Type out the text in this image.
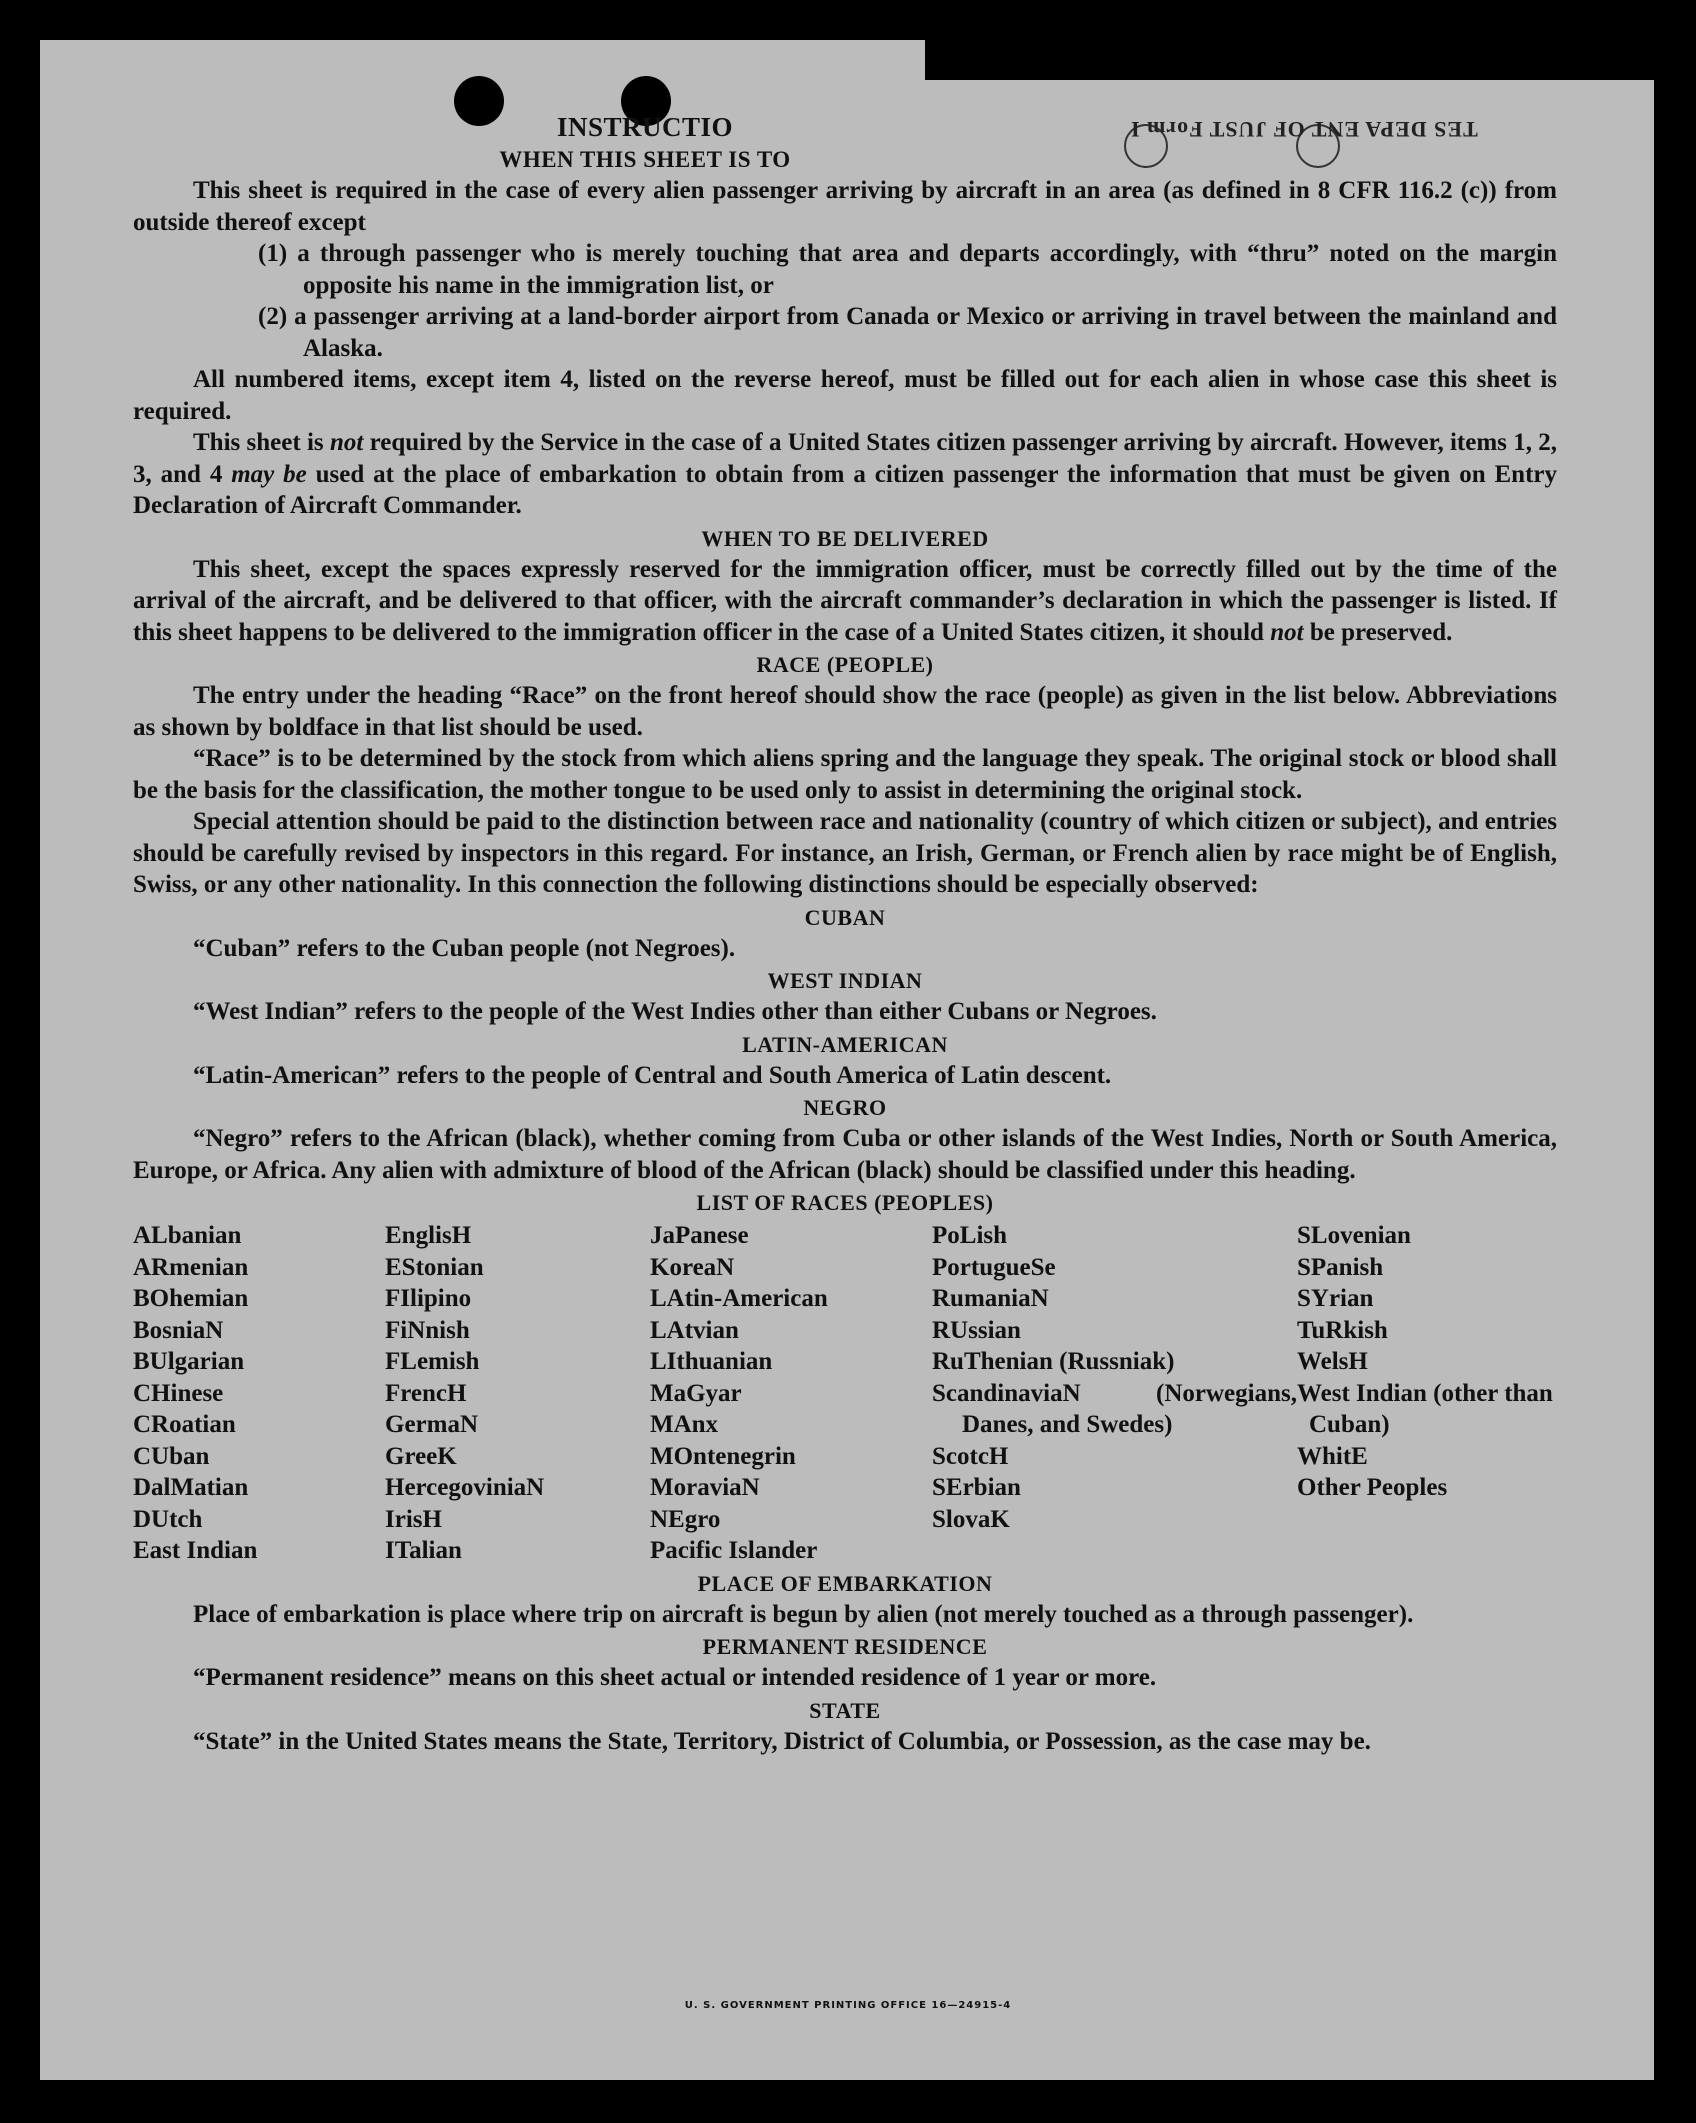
TES DEPA ENT OF JUST Form I
INSTRUCTIO
WHEN THIS SHEET IS TO

This sheet is required in the case of every alien passenger arriving by aircraft in an area (as defined in 8 CFR 116.2 (c)) from outside thereof except

(1) a through passenger who is merely touching that area and departs accordingly, with “thru” noted on the margin opposite his name in the immigration list, or

(2) a passenger arriving at a land-border airport from Canada or Mexico or arriving in travel between the mainland and Alaska.

All numbered items, except item 4, listed on the reverse hereof, must be filled out for each alien in whose case this sheet is required.

This sheet is not required by the Service in the case of a United States citizen passenger arriving by aircraft. However, items 1, 2, 3, and 4 may be used at the place of embarkation to obtain from a citizen passenger the information that must be given on Entry Declaration of Aircraft Commander.

WHEN TO BE DELIVERED

This sheet, except the spaces expressly reserved for the immigration officer, must be correctly filled out by the time of the arrival of the aircraft, and be delivered to that officer, with the aircraft commander’s declaration in which the passenger is listed. If this sheet happens to be delivered to the immigration officer in the case of a United States citizen, it should not be preserved.

RACE (PEOPLE)

The entry under the heading “Race” on the front hereof should show the race (people) as given in the list below. Abbreviations as shown by boldface in that list should be used.

“Race” is to be determined by the stock from which aliens spring and the language they speak. The original stock or blood shall be the basis for the classification, the mother tongue to be used only to assist in determining the original stock.

Special attention should be paid to the distinction between race and nationality (country of which citizen or subject), and entries should be carefully revised by inspectors in this regard. For instance, an Irish, German, or French alien by race might be of English, Swiss, or any other nationality. In this connection the following distinctions should be especially observed:

CUBAN

“Cuban” refers to the Cuban people (not Negroes).

WEST INDIAN

“West Indian” refers to the people of the West Indies other than either Cubans or Negroes.

LATIN-AMERICAN

“Latin-American” refers to the people of Central and South America of Latin descent.

NEGRO

“Negro” refers to the African (black), whether coming from Cuba or other islands of the West Indies, North or South America, Europe, or Africa. Any alien with admixture of blood of the African (black) should be classified under this heading.

LIST OF RACES (PEOPLES)
ALbanian
ARmenian
BOhemian
BosniaN
BUlgarian
CHinese
CRoatian
CUban
DalMatian
DUtch
East Indian
EnglisH
EStonian
FIlipino
FiNnish
FLemish
FrencH
GermaN
GreeK
HercegoviniaN
IrisH
ITalian
JaPanese
KoreaN
LAtin-American
LAtvian
LIthuanian
MaGyar
MAnx
MOntenegrin
MoraviaN
NEgro
Pacific Islander
PoLish
PortugueSe
RumaniaN
RUssian
RuThenian (Russniak)
ScandinaviaN (Norwegians, Danes, and Swedes)
ScotcH
SErbian
SlovaK
SLovenian
SPanish
SYrian
TuRkish
WelsH
West Indian (other than Cuban)
WhitE
Other Peoples
PLACE OF EMBARKATION

Place of embarkation is place where trip on aircraft is begun by alien (not merely touched as a through passenger).

PERMANENT RESIDENCE

“Permanent residence” means on this sheet actual or intended residence of 1 year or more.

STATE

“State” in the United States means the State, Territory, District of Columbia, or Possession, as the case may be.

U. S. GOVERNMENT PRINTING OFFICE 16—24915-4
